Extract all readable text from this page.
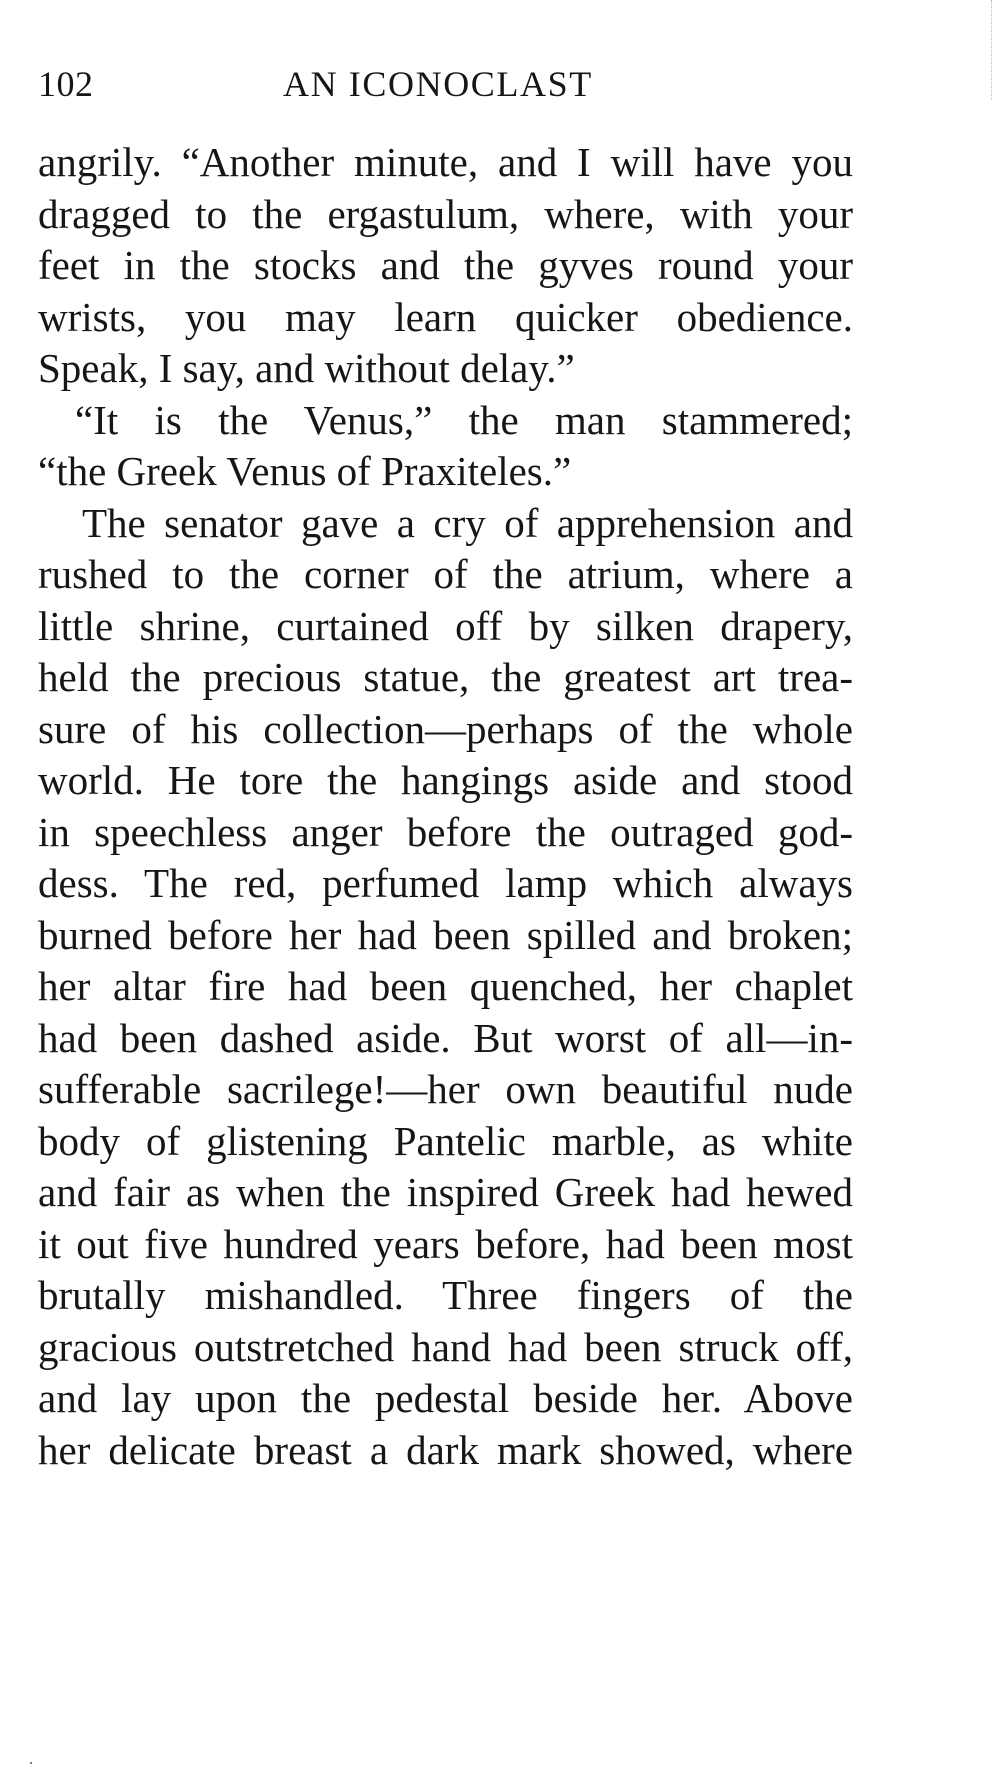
102	AN ICONOCLAST
angrily. “Another minute, and I will have you
dragged to the ergastulum, where, with your
feet in the stocks and the gyves round your
wrists, you may learn quicker obedience.
Speak, I say, and without delay.”
“It is the Venus,” the man stammered;
“the Greek Venus of Praxiteles.”
The senator gave a cry of apprehension and
rushed to the corner of the atrium, where a
little shrine, curtained off by silken drapery,
held the precious statue, the greatest art trea-
sure of his collection—perhaps of the whole
world. He tore the hangings aside and stood
in speechless anger before the outraged god-
dess. The red, perfumed lamp which always
burned before her had been spilled and broken;
her altar fire had been quenched, her chaplet
had been dashed aside. But worst of all—in-
sufferable sacrilege!—her own beautiful nude
body of glistening Pantelic marble, as white
and fair as when the inspired Greek had hewed
it out five hundred years before, had been most
brutally mishandled. Three fingers of the
gracious outstretched hand had been struck off,
and lay upon the pedestal beside her. Above
her delicate breast a dark mark showed, where
